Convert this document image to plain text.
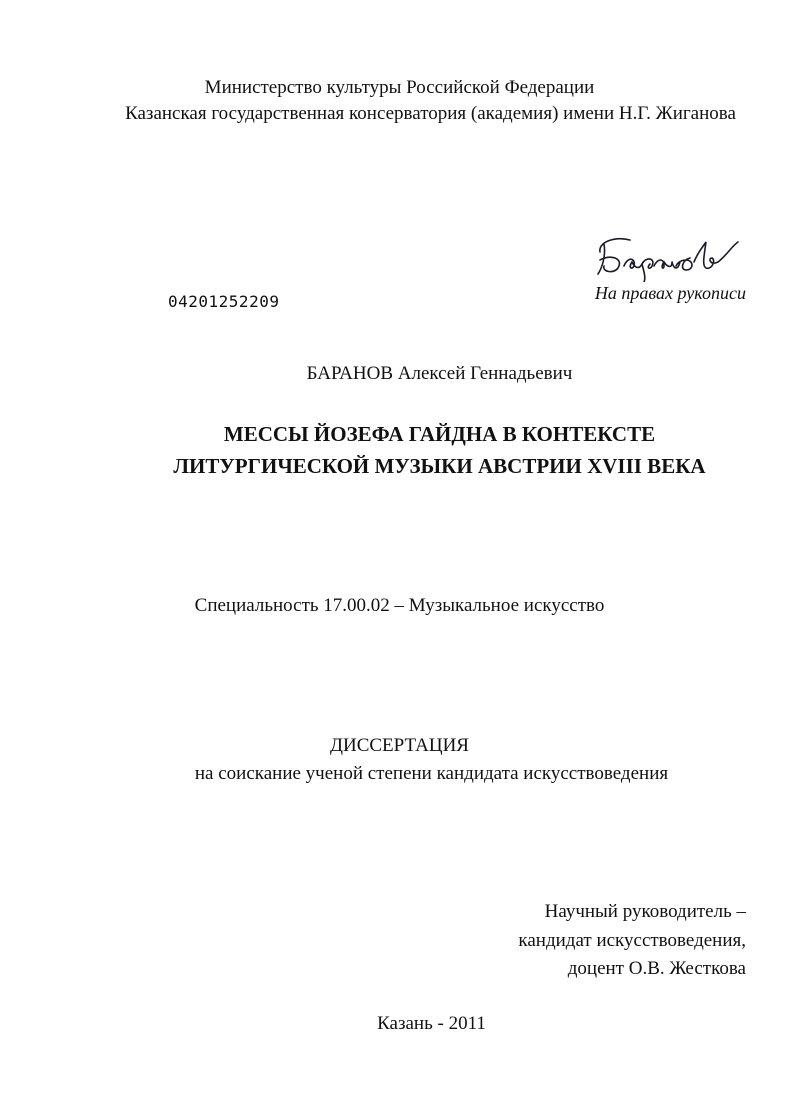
Министерство культуры Российской Федерации
Казанская государственная консерватория (академия) имени Н.Г. Жиганова
На правах рукописи
04201252209
БАРАНОВ Алексей Геннадьевич
МЕССЫ ЙОЗЕФА ГАЙДНА В КОНТЕКСТЕ
ЛИТУРГИЧЕСКОЙ МУЗЫКИ АВСТРИИ XVIII ВЕКА
Специальность 17.00.02 – Музыкальное искусство
ДИССЕРТАЦИЯ
на соискание ученой степени кандидата искусствоведения
Научный руководитель –
кандидат искусствоведения,
доцент О.В. Жесткова
Казань - 2011
